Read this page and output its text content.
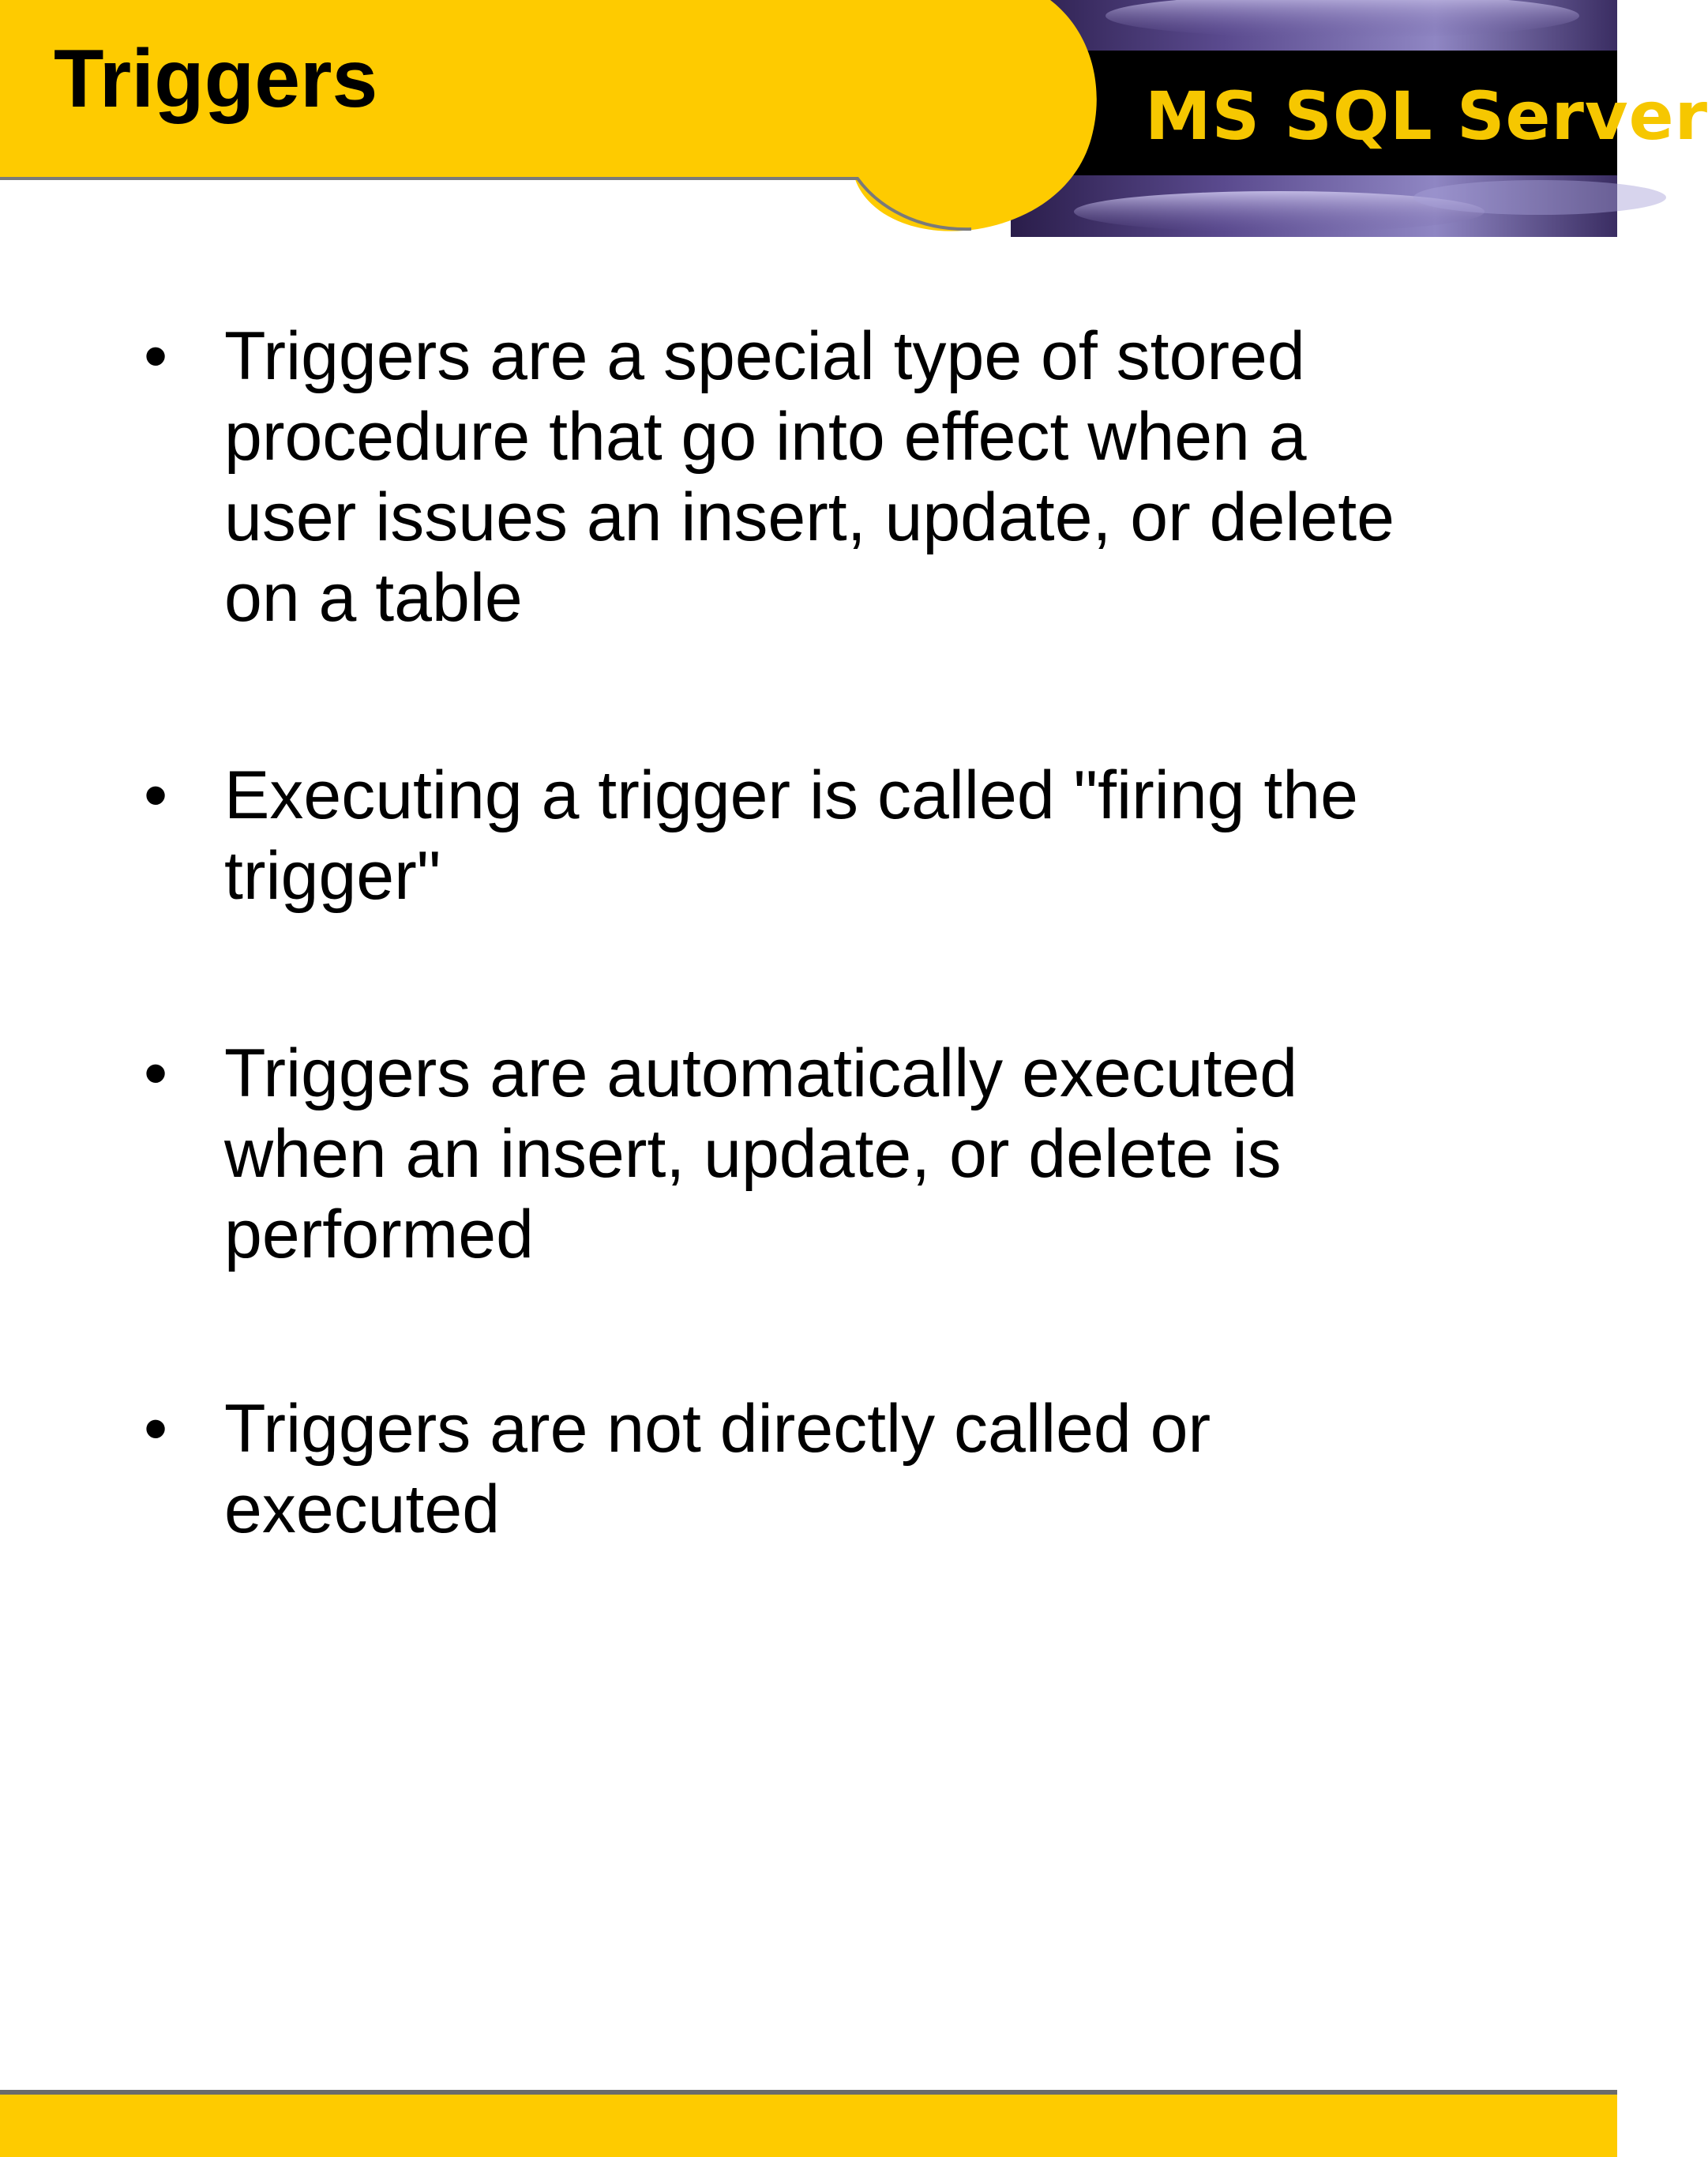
Triggers	MS SQL Server
• Triggers are a special type of stored procedure that go into effect when a user issues an insert, update, or delete on a table
• Executing a trigger is called "firing the trigger"
• Triggers are automatically executed when an insert, update, or delete is performed
• Triggers are not directly called or executed
